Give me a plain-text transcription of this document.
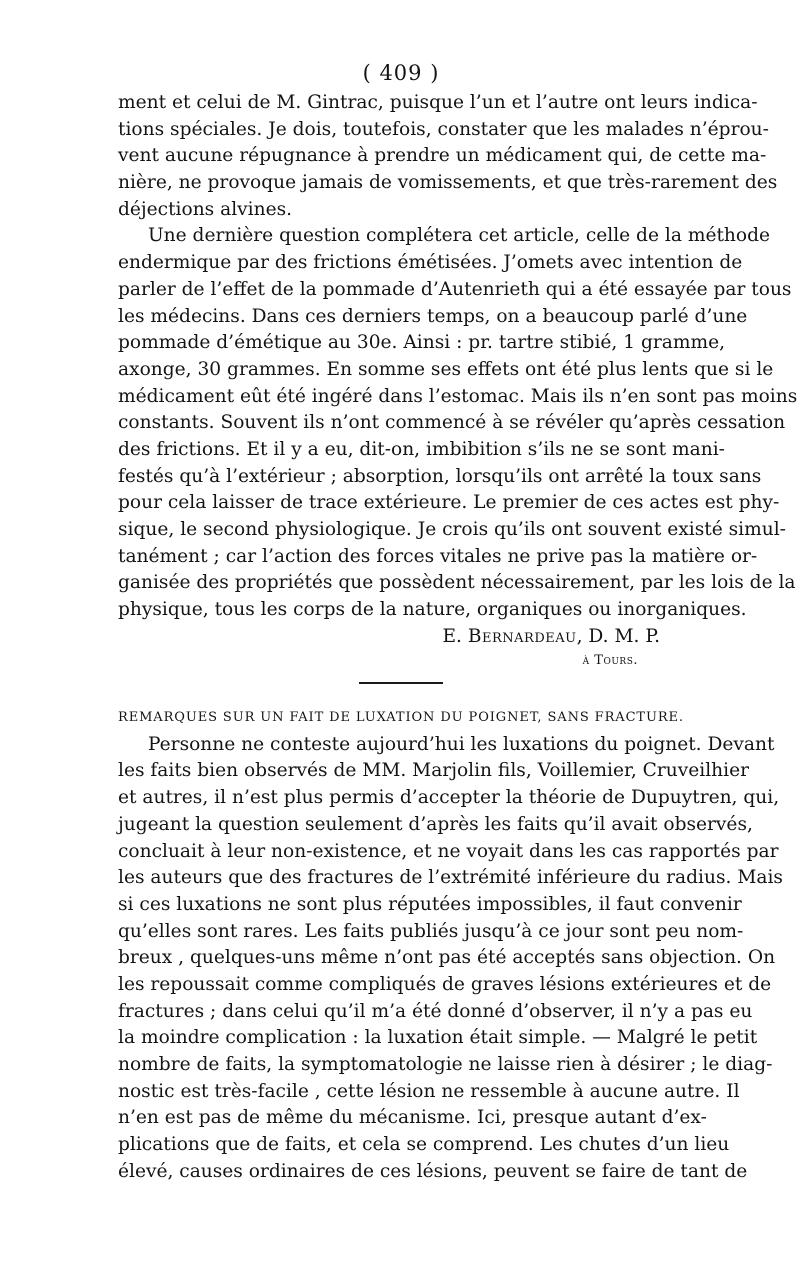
( 409 )
ment et celui de M. Gintrac, puisque l’un et l’autre ont leurs indica-
tions spéciales. Je dois, toutefois, constater que les malades n’éprou-
vent aucune répugnance à prendre un médicament qui, de cette ma-
nière, ne provoque jamais de vomissements, et que très-rarement des
déjections alvines.
Une dernière question complétera cet article, celle de la méthode
endermique par des frictions émétisées. J’omets avec intention de
parler de l’effet de la pommade d’Autenrieth qui a été essayée par tous
les médecins. Dans ces derniers temps, on a beaucoup parlé d’une
pommade d’émétique au 30e. Ainsi : pr. tartre stibié, 1 gramme,
axonge, 30 grammes. En somme ses effets ont été plus lents que si le
médicament eût été ingéré dans l’estomac. Mais ils n’en sont pas moins
constants. Souvent ils n’ont commencé à se révéler qu’après cessation
des frictions. Et il y a eu, dit-on, imbibition s’ils ne se sont mani-
festés qu’à l’extérieur ; absorption, lorsqu’ils ont arrêté la toux sans
pour cela laisser de trace extérieure. Le premier de ces actes est phy-
sique, le second physiologique. Je crois qu’ils ont souvent existé simul-
tanément ; car l’action des forces vitales ne prive pas la matière or-
ganisée des propriétés que possèdent nécessairement, par les lois de la
physique, tous les corps de la nature, organiques ou inorganiques.
E. Bernardeau, D. M. P.
à Tours.
REMARQUES SUR UN FAIT DE LUXATION DU POIGNET, SANS FRACTURE.
Personne ne conteste aujourd’hui les luxations du poignet. Devant
les faits bien observés de MM. Marjolin fils, Voillemier, Cruveilhier
et autres, il n’est plus permis d’accepter la théorie de Dupuytren, qui,
jugeant la question seulement d’après les faits qu’il avait observés,
concluait à leur non-existence, et ne voyait dans les cas rapportés par
les auteurs que des fractures de l’extrémité inférieure du radius. Mais
si ces luxations ne sont plus réputées impossibles, il faut convenir
qu’elles sont rares. Les faits publiés jusqu’à ce jour sont peu nom-
breux , quelques-uns même n’ont pas été acceptés sans objection. On
les repoussait comme compliqués de graves lésions extérieures et de
fractures ; dans celui qu’il m’a été donné d’observer, il n’y a pas eu
la moindre complication : la luxation était simple. — Malgré le petit
nombre de faits, la symptomatologie ne laisse rien à désirer ; le diag-
nostic est très-facile , cette lésion ne ressemble à aucune autre. Il
n’en est pas de même du mécanisme. Ici, presque autant d’ex-
plications que de faits, et cela se comprend. Les chutes d’un lieu
élevé, causes ordinaires de ces lésions, peuvent se faire de tant de
